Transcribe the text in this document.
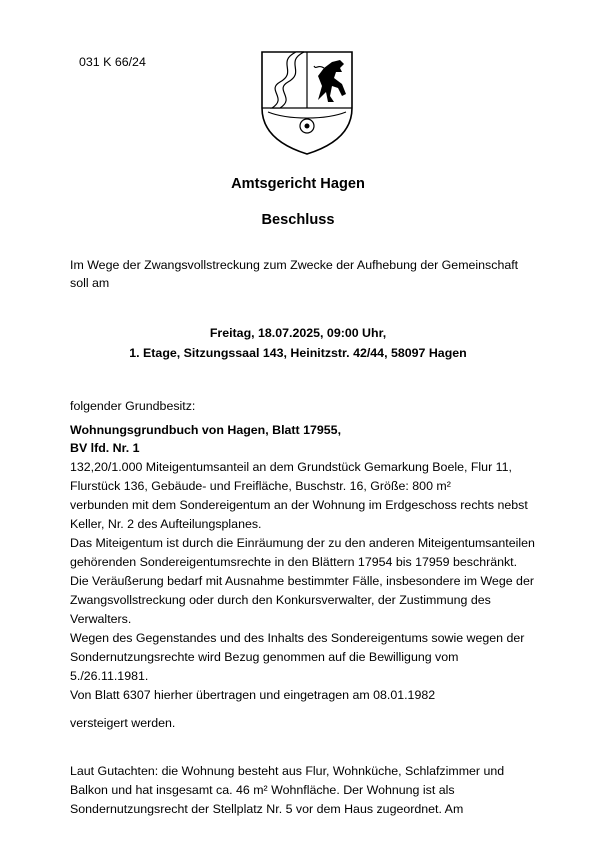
031 K 66/24
Amtsgericht Hagen
Beschluss
Im Wege der Zwangsvollstreckung zum Zwecke der Aufhebung der Gemeinschaft
soll am
Freitag, 18.07.2025, 09:00 Uhr,
1. Etage, Sitzungssaal 143, Heinitzstr. 42/44, 58097 Hagen
folgender Grundbesitz:
Wohnungsgrundbuch von Hagen, Blatt 17955,
BV lfd. Nr. 1
132,20/1.000 Miteigentumsanteil an dem Grundstück Gemarkung Boele, Flur 11,
Flurstück 136, Gebäude- und Freifläche, Buschstr. 16, Größe: 800 m²
verbunden mit dem Sondereigentum an der Wohnung im Erdgeschoss rechts nebst
Keller, Nr. 2 des Aufteilungsplanes.
Das Miteigentum ist durch die Einräumung der zu den anderen Miteigentumsanteilen
gehörenden Sondereigentumsrechte in den Blättern 17954 bis 17959 beschränkt.
Die Veräußerung bedarf mit Ausnahme bestimmter Fälle, insbesondere im Wege der
Zwangsvollstreckung oder durch den Konkursverwalter, der Zustimmung des
Verwalters.
Wegen des Gegenstandes und des Inhalts des Sondereigentums sowie wegen der
Sondernutzungsrechte wird Bezug genommen auf die Bewilligung vom
5./26.11.1981.
Von Blatt 6307 hierher übertragen und eingetragen am 08.01.1982
versteigert werden.
Laut Gutachten: die Wohnung besteht aus Flur, Wohnküche, Schlafzimmer und
Balkon und hat insgesamt ca. 46 m² Wohnfläche. Der Wohnung ist als
Sondernutzungsrecht der Stellplatz Nr. 5 vor dem Haus zugeordnet. Am
